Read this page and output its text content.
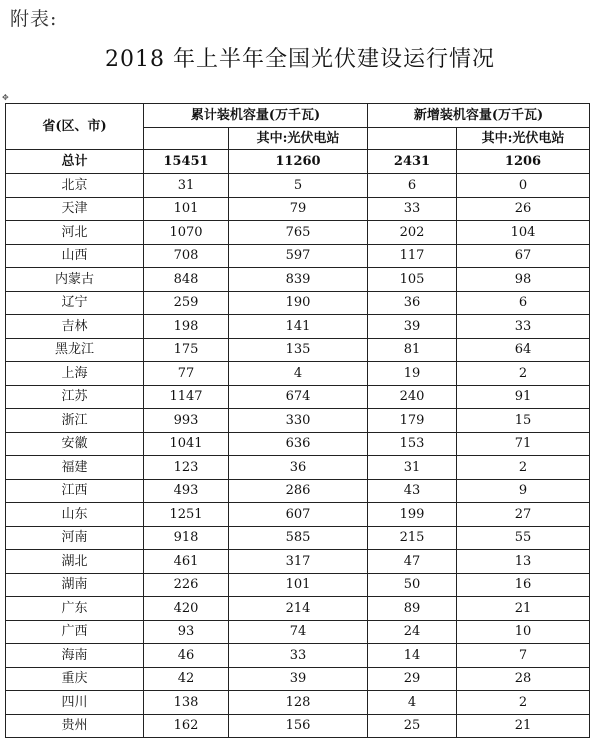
附表:
2018 年上半年全国光伏建设运行情况
✥
省(区、市)	累计装机容量(万千瓦)		新增装机容量(万千瓦)	
		其中:光伏电站		其中:光伏电站
总计	15451	11260	2431	1206
北京	31	5	6	0
天津	101	79	33	26
河北	1070	765	202	104
山西	708	597	117	67
内蒙古	848	839	105	98
辽宁	259	190	36	6
吉林	198	141	39	33
黑龙江	175	135	81	64
上海	77	4	19	2
江苏	1147	674	240	91
浙江	993	330	179	15
安徽	1041	636	153	71
福建	123	36	31	2
江西	493	286	43	9
山东	1251	607	199	27
河南	918	585	215	55
湖北	461	317	47	13
湖南	226	101	50	16
广东	420	214	89	21
广西	93	74	24	10
海南	46	33	14	7
重庆	42	39	29	28
四川	138	128	4	2
贵州	162	156	25	21
